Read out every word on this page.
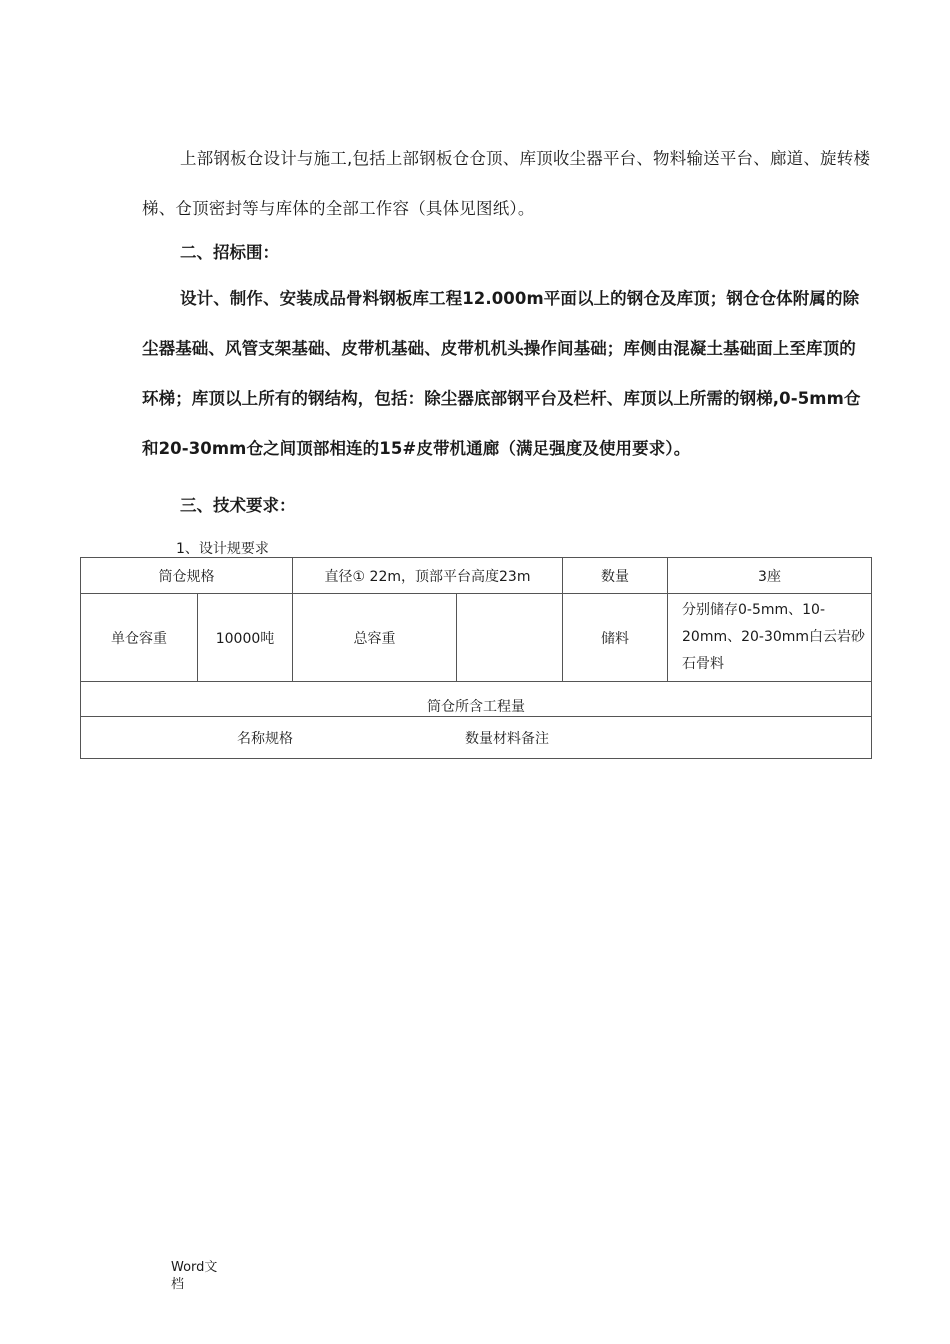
上部钢板仓设计与施工,包括上部钢板仓仓顶、库顶收尘器平台、物料输送平台、廊道、旋转楼梯、仓顶密封等与库体的全部工作容（具体见图纸）。
二、招标围：
设计、制作、安装成品骨料钢板库工程12.000m平面以上的钢仓及库顶；钢仓仓体附属的除尘器基础、风管支架基础、皮带机基础、皮带机机头操作间基础；库侧由混凝土基础面上至库顶的环梯；库顶以上所有的钢结构，包括：除尘器底部钢平台及栏杆、库顶以上所需的钢梯,0-5mm仓和20-30mm仓之间顶部相连的15#皮带机通廊（满足强度及使用要求）。
三、技术要求：
1、设计规要求
筒仓规格		直径① 22m，顶部平台高度23m		数量	3座
单仓容重	10000吨	总容重		储料	分别储存0-5mm、10-20mm、20-30mm白云岩砂石骨料
筒仓所含工程量					
名称规格 数量材料备注					
Word文档
